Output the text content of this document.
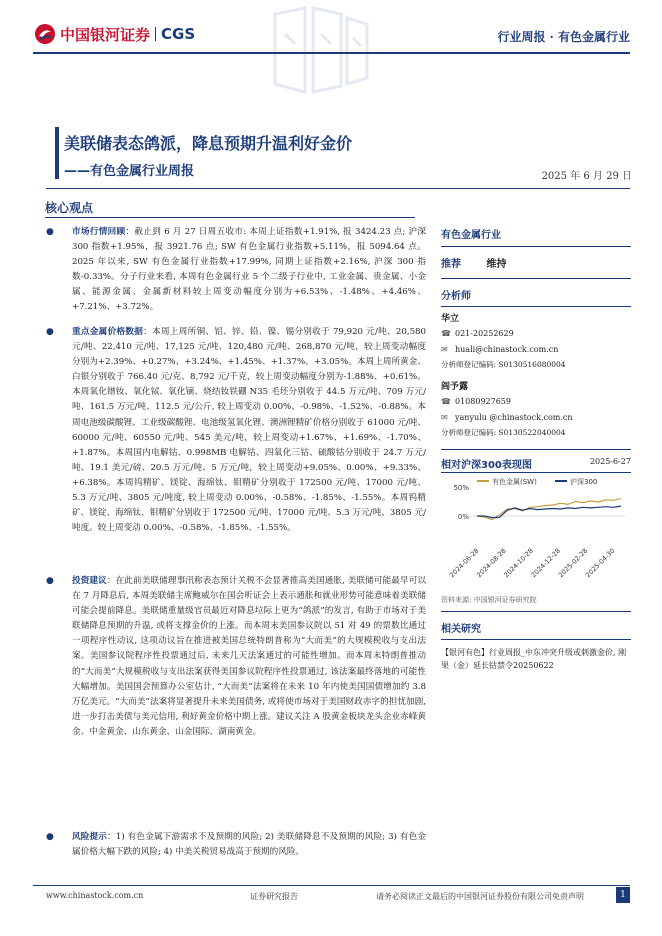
中国银河证券 CGS	行业周报 · 有色金属行业
美联储表态鸽派，降息预期升温利好金价
——有色金属行业周报	2025 年 6 月 29 日
核心观点
● 市场行情回顾：截止到 6 月 27 日周五收市: 本周上证指数+1.91%, 报 3424.23 点; 沪深 300 指数+1.95%，报 3921.76 点; SW 有色金属行业指数+5.11%，报 5094.64 点。2025 年以来, SW 有色金属行业指数+17.99%, 同期上证指数+2.16%, 沪深 300 指数-0.33%。分子行业来看, 本周有色金属行业 5 个二级子行业中, 工业金属、贵金属、小金属、能源金属、金属新材料较上周变动幅度分别为+6.53%、-1.48%、+4.46%、+7.21%、+3.72%。
● 重点金属价格数据：本周上周所铜、铝、锌、铅、镍、锡分别收于 79,920 元/吨、20,580 元/吨、22,410 元/吨、17,125 元/吨、120,480 元/吨、268,870 元/吨，较上周变动幅度分别为+2.39%、+0.27%、+3.24%、+1.45%、+1.37%、+3.05%。本周上周所黄金、白银分别收于 766.40 元/克、8,792 元/千克，较上周变动幅度分别为-1.88%、+0.61%。本周氧化镨钕、氧化铽、氧化镝、烧结钕铁硼 N35 毛坯分别收于 44.5 万元/吨、709 万元/吨、161.5 万元/吨、112.5 元/公斤, 较上周变动 0.00%、-0.98%、-1.52%、-0.88%。本周电池级碳酸锂、工业级碳酸锂、电池级氢氧化锂、澳洲锂精矿价格分别收于 61000 元/吨、60000 元/吨、60550 元/吨、545 美元/吨，较上周变动+1.67%、+1.69%、-1.70%、+1.87%。本周国内电解钴、0.998MB 电解钴、四氧化三钴、硫酸钴分别收于 24.7 万元/吨、19.1 美元/磅、20.5 万元/吨、5 万元/吨，较上周变动+9.05%、0.00%、+9.33%、+6.38%。本周钨精矿、镁锭、海绵钛、钼精矿分别收于 172500 元/吨、17000 元/吨、5.3 万元/吨、3805 元/吨度, 较上周变动 0.00%、-0.58%、-1.85%、-1.55%。本周钨精矿、镁锭、海绵钛、钼精矿分别收于 172500 元/吨、17000 元/吨、5.3 万元/吨、3805 元/吨度。较上周变动 0.00%、-0.58%、-1.85%、-1.55%。
● 投资建议：在此前美联储理事汛称表态预计关税不会显著推高美国通胀, 美联储可能最早可以在 7 月降息后, 本周美联储主席鲍威尔在国会听证会上表示通胀和就业形势可能意味着美联储可能会提前降息。美联储重量级官员最近对降息垃际上更为“鸽派”的发言, 有助于市场对于美联储降息预期的升温, 或将支撑金价的上涨。而本周末美国参议院以 51 对 49 的票数比通过一项程序性动议, 这项动议旨在推进被美国总统特朗普称为“大而美”的大规模税收与支出法案。美国参议院程序性投票通过后, 未来几天法案通过的可能性增加。而本周末特朗普推动的“大而美”大规模税收与支出法案获得美国参议院程序性投票通过, 该法案最终落地的可能性大幅增加。美国国会预算办公室估计, “大而美”法案将在未来 10 年内使美国国债增加约 3.8 万亿美元。“大而美”法案将显著提升未来美国债务, 或将使市场对于美国财政赤字的担忧加剧, 进一步打击美债与美元信用, 利好黄金价格中期上涨。建议关注 A 股黄金板块龙头企业赤峰黄金、中金黄金、山东黄金、山金国际、湖南黄金。
● 风险提示：1) 有色金属下游需求不及预期的风险; 2) 美联储降息不及预期的风险; 3) 有色金属价格大幅下跌的风险; 4) 中美关税贸易战高于预期的风险。
有色金属行业
推荐	维持
分析师
华立
☎ 021-20252629
✉ huali@chinastock.com.cn
分析师登记编码: S0130516080004
阎予露
☎ 01080927659
✉ yanyulu @chinastock.com.cn
分析师登记编码: S0130522040004
相对沪深300表现图	2025-6-27
50%
0%
有色金属(SW)	沪深300
2024-06-28
2024-08-28
2024-10-28
2024-12-28
2025-02-28
2025-04-30
资料来源: 中国银河证券研究院
相关研究
【银河有色】行业周报_中东冲突升级或刺激金价, 刚果（金）延长钴禁令20250622
www.chinastock.com.cn	证券研究报告	请务必阅读正文最后的中国银河证券股份有限公司免责声明	1
